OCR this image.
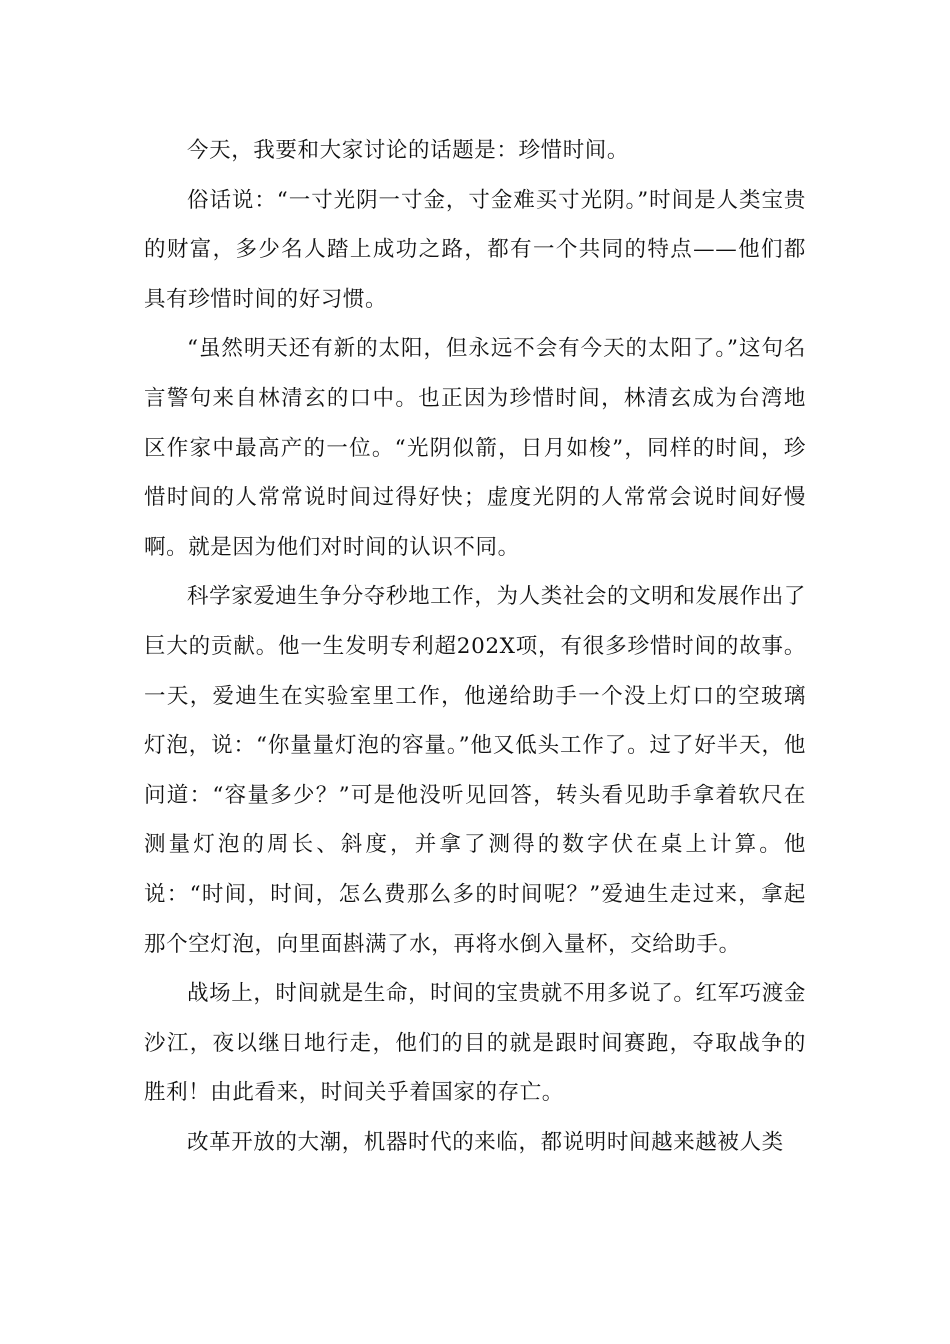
今天，我要和大家讨论的话题是：珍惜时间。

俗话说：“一寸光阴一寸金，寸金难买寸光阴。”时间是人类宝贵的财富，多少名人踏上成功之路，都有一个共同的特点——他们都具有珍惜时间的好习惯。

“虽然明天还有新的太阳，但永远不会有今天的太阳了。”这句名言警句来自林清玄的口中。也正因为珍惜时间，林清玄成为台湾地区作家中最高产的一位。“光阴似箭，日月如梭”，同样的时间，珍惜时间的人常常说时间过得好快；虚度光阴的人常常会说时间好慢啊。就是因为他们对时间的认识不同。

科学家爱迪生争分夺秒地工作，为人类社会的文明和发展作出了巨大的贡献。他一生发明专利超202X项，有很多珍惜时间的故事。一天，爱迪生在实验室里工作，他递给助手一个没上灯口的空玻璃灯泡，说：“你量量灯泡的容量。”他又低头工作了。过了好半天，他问道：“容量多少？”可是他没听见回答，转头看见助手拿着软尺在测量灯泡的周长、斜度，并拿了测得的数字伏在桌上计算。他说：“时间，时间，怎么费那么多的时间呢？”爱迪生走过来，拿起那个空灯泡，向里面斟满了水，再将水倒入量杯，交给助手。

战场上，时间就是生命，时间的宝贵就不用多说了。红军巧渡金沙江，夜以继日地行走，他们的目的就是跟时间赛跑，夺取战争的胜利！由此看来，时间关乎着国家的存亡。

改革开放的大潮，机器时代的来临，都说明时间越来越被人类
